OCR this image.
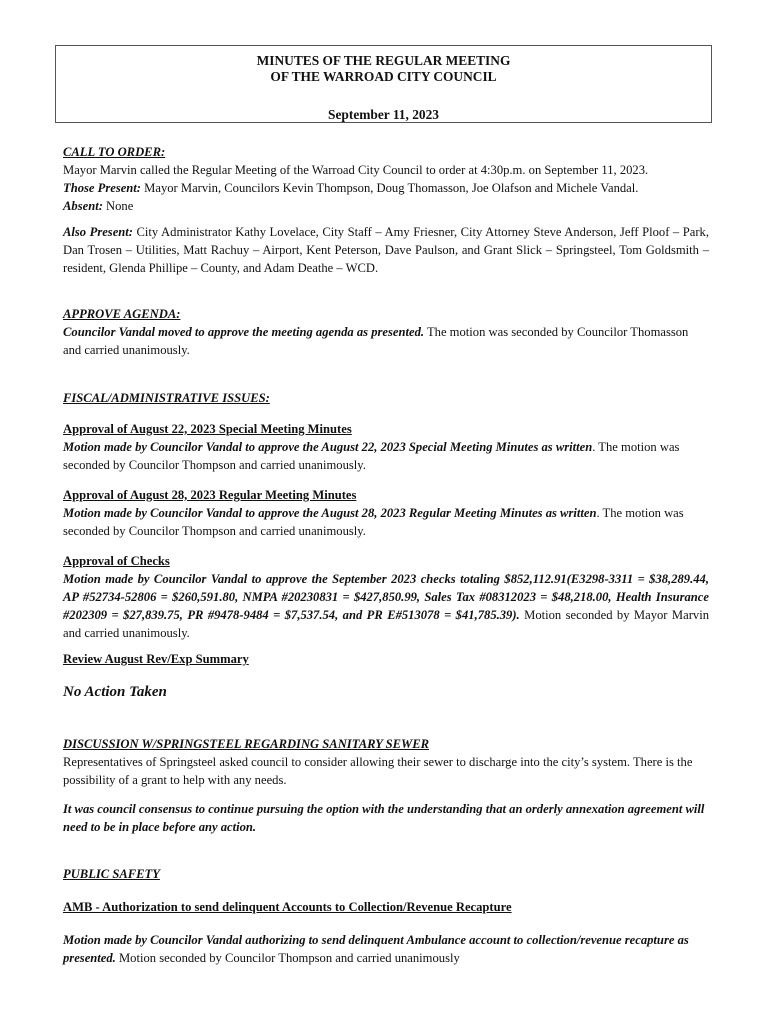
MINUTES OF THE REGULAR MEETING
OF THE WARROAD CITY COUNCIL
September 11, 2023
CALL TO ORDER:
Mayor Marvin called the Regular Meeting of the Warroad City Council to order at 4:30p.m. on September 11, 2023.
Those Present: Mayor Marvin, Councilors Kevin Thompson, Doug Thomasson, Joe Olafson and Michele Vandal.
Absent: None
Also Present: City Administrator Kathy Lovelace, City Staff – Amy Friesner, City Attorney Steve Anderson, Jeff Ploof – Park, Dan Trosen – Utilities, Matt Rachuy – Airport, Kent Peterson, Dave Paulson, and Grant Slick – Springsteel, Tom Goldsmith – resident, Glenda Phillipe – County, and Adam Deathe – WCD.
APPROVE AGENDA:
Councilor Vandal moved to approve the meeting agenda as presented. The motion was seconded by Councilor Thomasson and carried unanimously.
FISCAL/ADMINISTRATIVE ISSUES:
Approval of August 22, 2023 Special Meeting Minutes
Motion made by Councilor Vandal to approve the August 22, 2023 Special Meeting Minutes as written. The motion was seconded by Councilor Thompson and carried unanimously.
Approval of August 28, 2023 Regular Meeting Minutes
Motion made by Councilor Vandal to approve the August 28, 2023 Regular Meeting Minutes as written. The motion was seconded by Councilor Thompson and carried unanimously.
Approval of Checks
Motion made by Councilor Vandal to approve the September 2023 checks totaling $852,112.91(E3298-3311 = $38,289.44, AP #52734-52806 = $260,591.80, NMPA #20230831 = $427,850.99, Sales Tax #08312023 = $48,218.00, Health Insurance #202309 = $27,839.75, PR #9478-9484 = $7,537.54, and PR E#513078 = $41,785.39). Motion seconded by Mayor Marvin and carried unanimously.
Review August Rev/Exp Summary
No Action Taken
DISCUSSION W/SPRINGSTEEL REGARDING SANITARY SEWER
Representatives of Springsteel asked council to consider allowing their sewer to discharge into the city’s system. There is the possibility of a grant to help with any needs.
It was council consensus to continue pursuing the option with the understanding that an orderly annexation agreement will need to be in place before any action.
PUBLIC SAFETY
AMB - Authorization to send delinquent Accounts to Collection/Revenue Recapture
Motion made by Councilor Vandal authorizing to send delinquent Ambulance account to collection/revenue recapture as presented. Motion seconded by Councilor Thompson and carried unanimously
